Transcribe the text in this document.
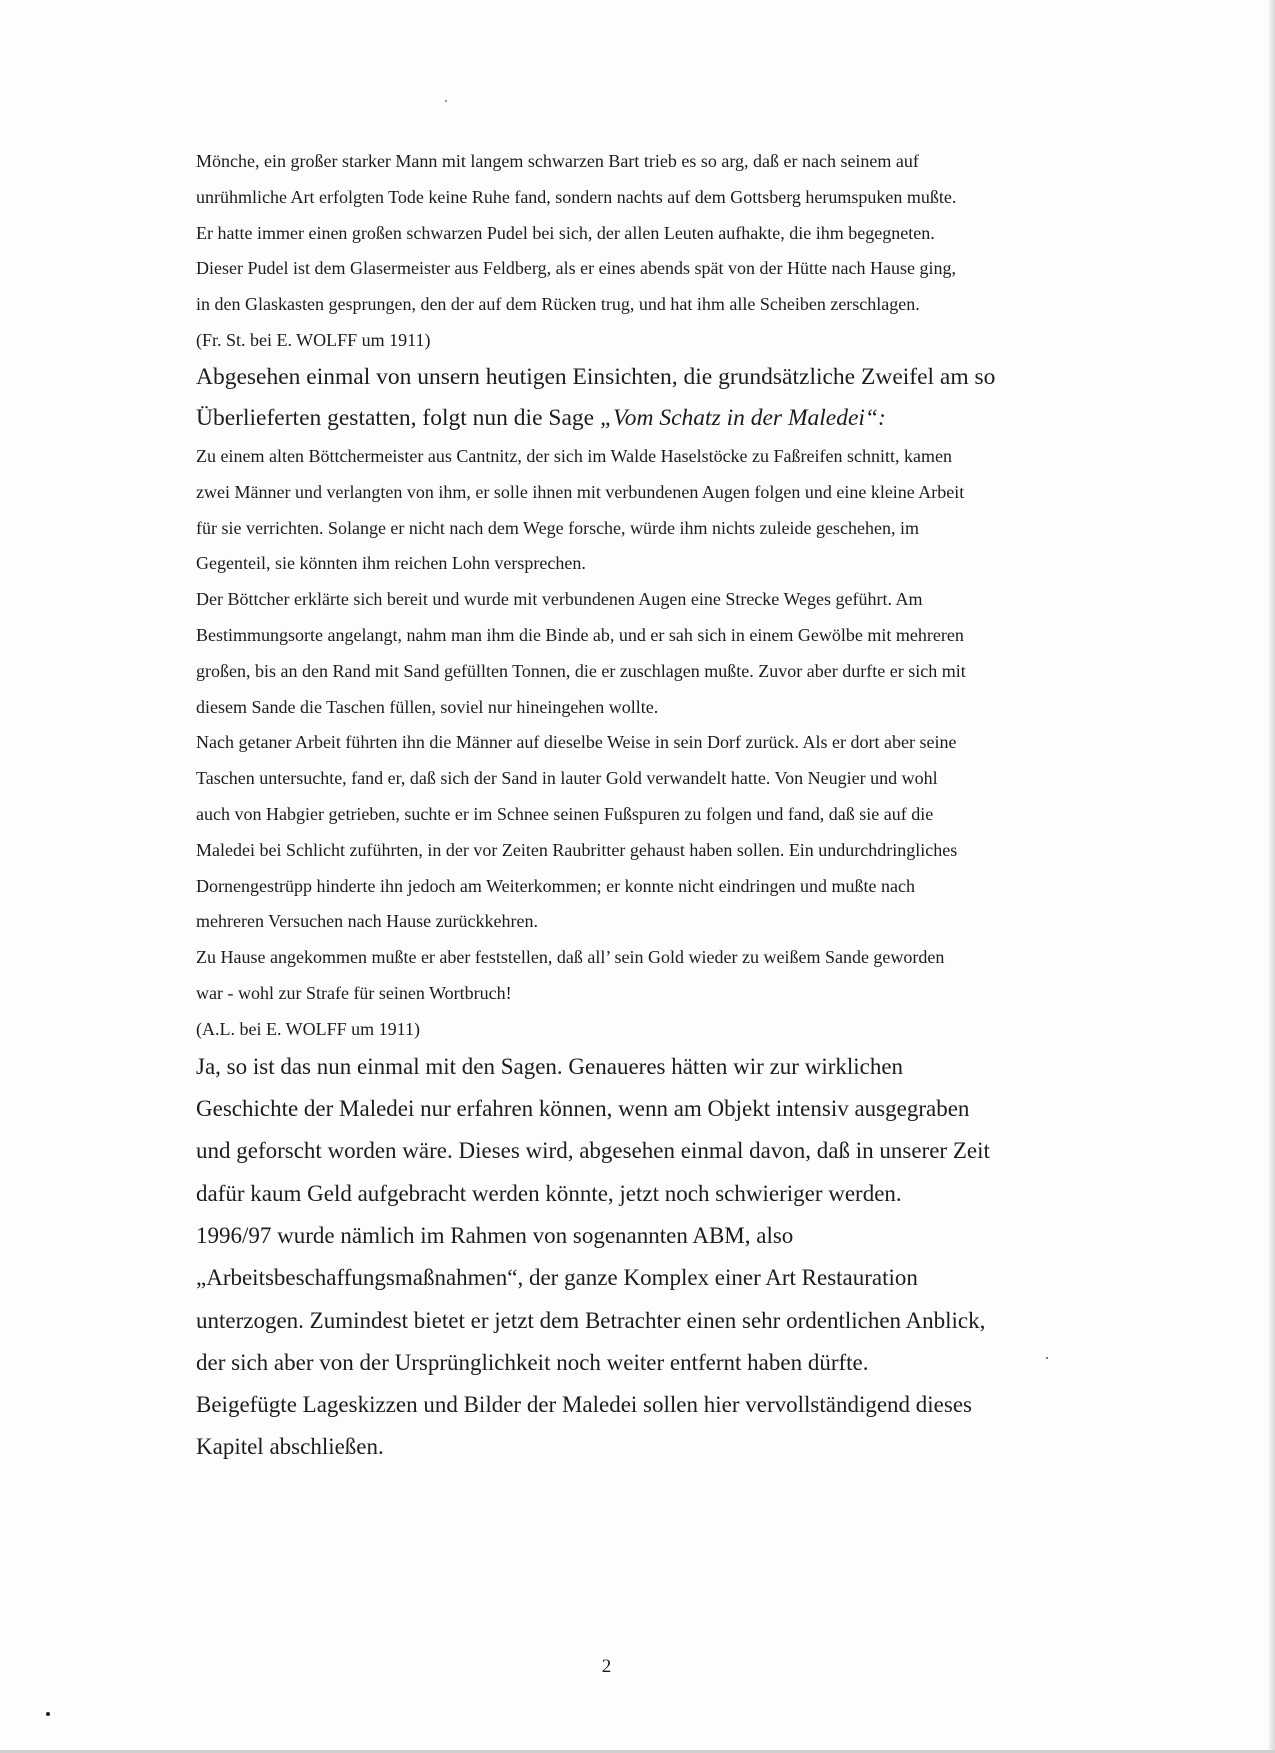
Mönche, ein großer starker Mann mit langem schwarzen Bart trieb es so arg, daß er nach seinem auf

unrühmliche Art erfolgten Tode keine Ruhe fand, sondern nachts auf dem Gottsberg herumspuken mußte.

Er hatte immer einen großen schwarzen Pudel bei sich, der allen Leuten aufhakte, die ihm begegneten.

Dieser Pudel ist dem Glasermeister aus Feldberg, als er eines abends spät von der Hütte nach Hause ging,

in den Glaskasten gesprungen, den der auf dem Rücken trug, und hat ihm alle Scheiben zerschlagen.

(Fr. St. bei E. WOLFF um 1911)

Abgesehen einmal von unsern heutigen Einsichten, die grundsätzliche Zweifel am so

Überlieferten gestatten, folgt nun die Sage „Vom Schatz in der Maledei“:

Zu einem alten Böttchermeister aus Cantnitz, der sich im Walde Haselstöcke zu Faßreifen schnitt, kamen
zwei Männer und verlangten von ihm, er solle ihnen mit verbundenen Augen folgen und eine kleine Arbeit
für sie verrichten. Solange er nicht nach dem Wege forsche, würde ihm nichts zuleide geschehen, im
Gegenteil, sie könnten ihm reichen Lohn versprechen.

Der Böttcher erklärte sich bereit und wurde mit verbundenen Augen eine Strecke Weges geführt. Am
Bestimmungsorte angelangt, nahm man ihm die Binde ab, und er sah sich in einem Gewölbe mit mehreren
großen, bis an den Rand mit Sand gefüllten Tonnen, die er zuschlagen mußte. Zuvor aber durfte er sich mit
diesem Sande die Taschen füllen, soviel nur hineingehen wollte.

Nach getaner Arbeit führten ihn die Männer auf dieselbe Weise in sein Dorf zurück. Als er dort aber seine
Taschen untersuchte, fand er, daß sich der Sand in lauter Gold verwandelt hatte. Von Neugier und wohl
auch von Habgier getrieben, suchte er im Schnee seinen Fußspuren zu folgen und fand, daß sie auf die
Maledei bei Schlicht zuführten, in der vor Zeiten Raubritter gehaust haben sollen. Ein undurchdringliches
Dornengestrüpp hinderte ihn jedoch am Weiterkommen; er konnte nicht eindringen und mußte nach
mehreren Versuchen nach Hause zurückkehren.

Zu Hause angekommen mußte er aber feststellen, daß all’ sein Gold wieder zu weißem Sande geworden
war - wohl zur Strafe für seinen Wortbruch!

(A.L. bei E. WOLFF um 1911)

Ja, so ist das nun einmal mit den Sagen. Genaueres hätten wir zur wirklichen
Geschichte der Maledei nur erfahren können, wenn am Objekt intensiv ausgegraben
und geforscht worden wäre. Dieses wird, abgesehen einmal davon, daß in unserer Zeit
dafür kaum Geld aufgebracht werden könnte, jetzt noch schwieriger werden.
1996/97 wurde nämlich im Rahmen von sogenannten ABM, also
„Arbeitsbeschaffungsmaßnahmen“, der ganze Komplex einer Art Restauration
unterzogen. Zumindest bietet er jetzt dem Betrachter einen sehr ordentlichen Anblick,
der sich aber von der Ursprünglichkeit noch weiter entfernt haben dürfte.
Beigefügte Lageskizzen und Bilder der Maledei sollen hier vervollständigend dieses
Kapitel abschließen.

2
